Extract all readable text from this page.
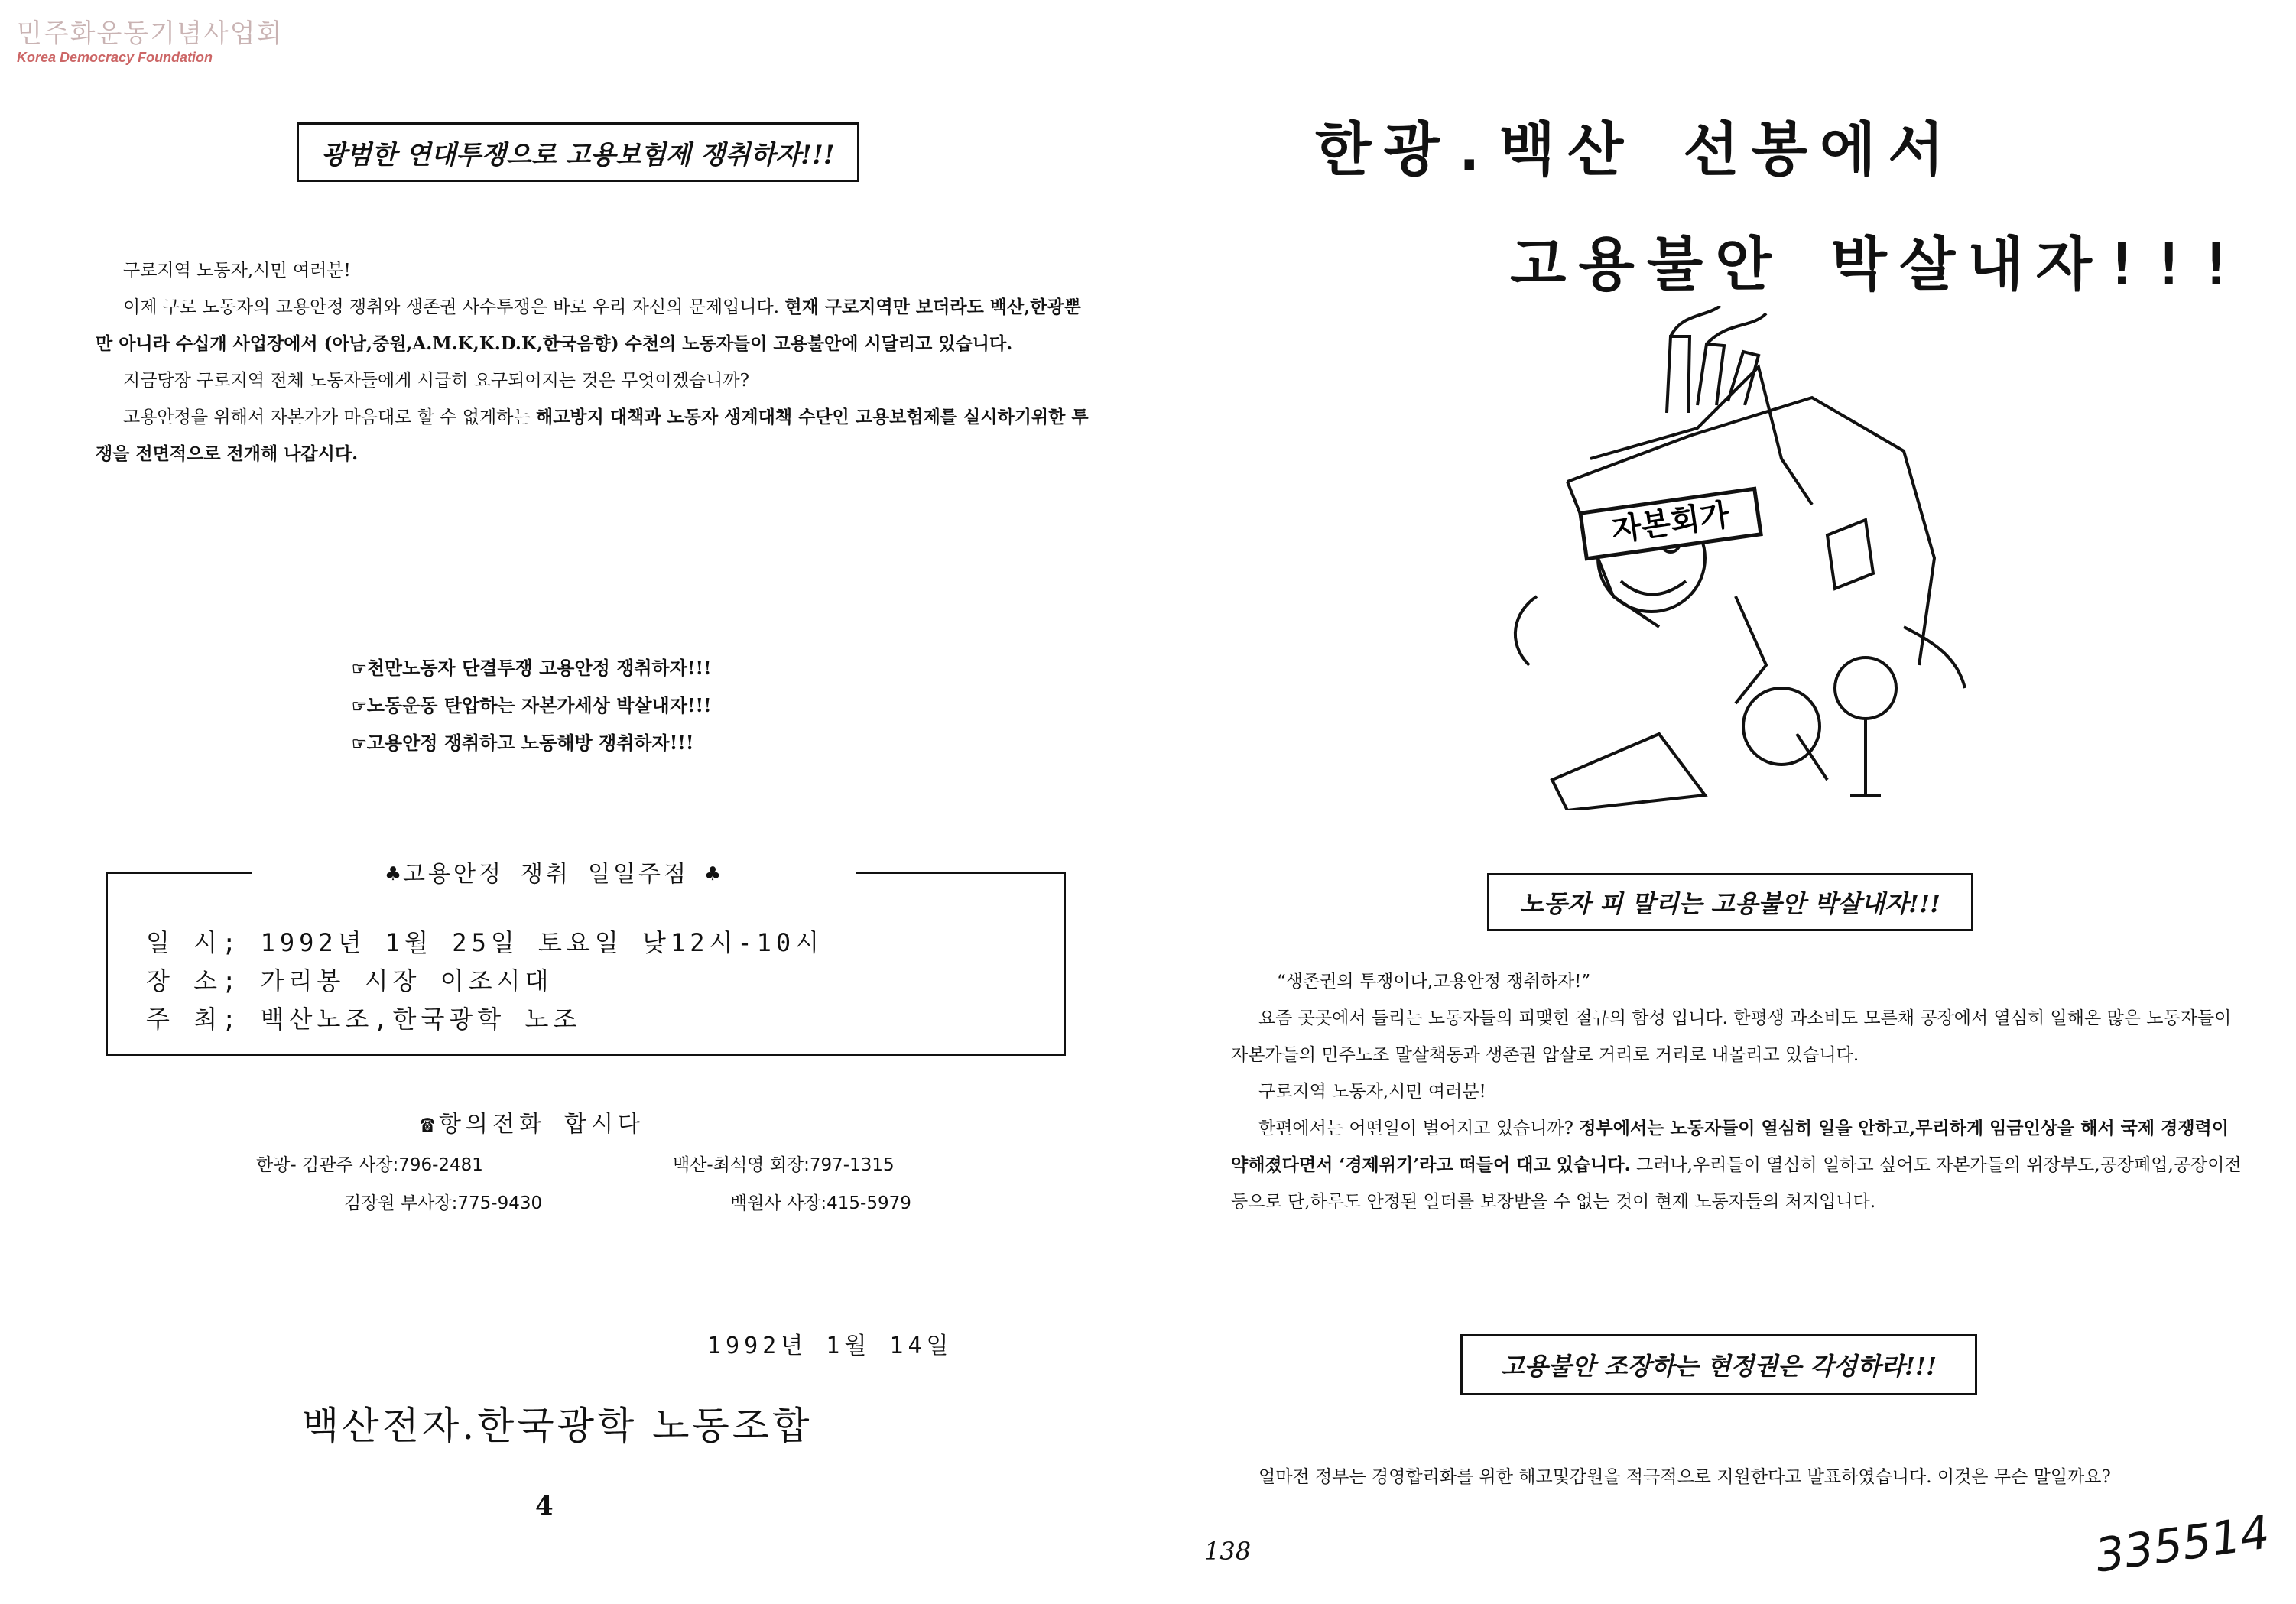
민주화운동기념사업회
Korea Democracy Foundation
광범한 연대투쟁으로 고용보험제 쟁취하자!!!

구로지역 노동자,시민 여러분!

이제 구로 노동자의 고용안정 쟁취와 생존권 사수투쟁은 바로 우리 자신의 문제입니다. 현재 구로지역만 보더라도 백산,한광뿐만 아니라 수십개 사업장에서 (아남,중원,A.M.K,K.D.K,한국음향) 수천의 노동자들이 고용불안에 시달리고 있습니다.

지금당장 구로지역 전체 노동자들에게 시급히 요구되어지는 것은 무엇이겠습니까?

고용안정을 위해서 자본가가 마음대로 할 수 없게하는 해고방지 대책과 노동자 생계대책 수단인 고용보험제를 실시하기위한 투쟁을 전면적으로 전개해 나갑시다.

☞천만노동자 단결투쟁 고용안정 쟁취하자!!!
☞노동운동 탄압하는 자본가세상 박살내자!!!
☞고용안정 쟁취하고 노동해방 쟁취하자!!!
일 시; 1992년 1월 25일 토요일 낮12시-10시
장 소; 가리봉 시장 이조시대
주 최; 백산노조,한국광학 노조
♣고용안정 쟁취 일일주점 ♣
☎항의전화 합시다
한광- 김관주 사장:796-2481	백산-최석영 회장:797-1315
김장원 부사장:775-9430	백원사 사장:415-5979
1992년 1월 14일
백산전자.한국광학 노동조합
4
한광.백산 선봉에서
고용불안 박살내자!!!
자본회가
노동자 피 말리는 고용불안 박살내자!!!

“생존권의 투쟁이다,고용안정 쟁취하자!”

요즘 곳곳에서 들리는 노동자들의 피맺힌 절규의 함성 입니다. 한평생 과소비도 모른채 공장에서 열심히 일해온 많은 노동자들이 자본가들의 민주노조 말살책동과 생존권 압살로 거리로 거리로 내몰리고 있습니다.

구로지역 노동자,시민 여러분!

한편에서는 어떤일이 벌어지고 있습니까? 정부에서는 노동자들이 열심히 일을 안하고,무리하게 임금인상을 해서 국제 경쟁력이 약해졌다면서 ‘경제위기’라고 떠들어 대고 있습니다. 그러나,우리들이 열심히 일하고 싶어도 자본가들의 위장부도,공장폐업,공장이전등으로 단,하루도 안정된 일터를 보장받을 수 없는 것이 현재 노동자들의 처지입니다.

고용불안 조장하는 현정권은 각성하라!!!

얼마전 정부는 경영합리화를 위한 해고및감원을 적극적으로 지원한다고 발표하였습니다. 이것은 무슨 말일까요?

138	335514
